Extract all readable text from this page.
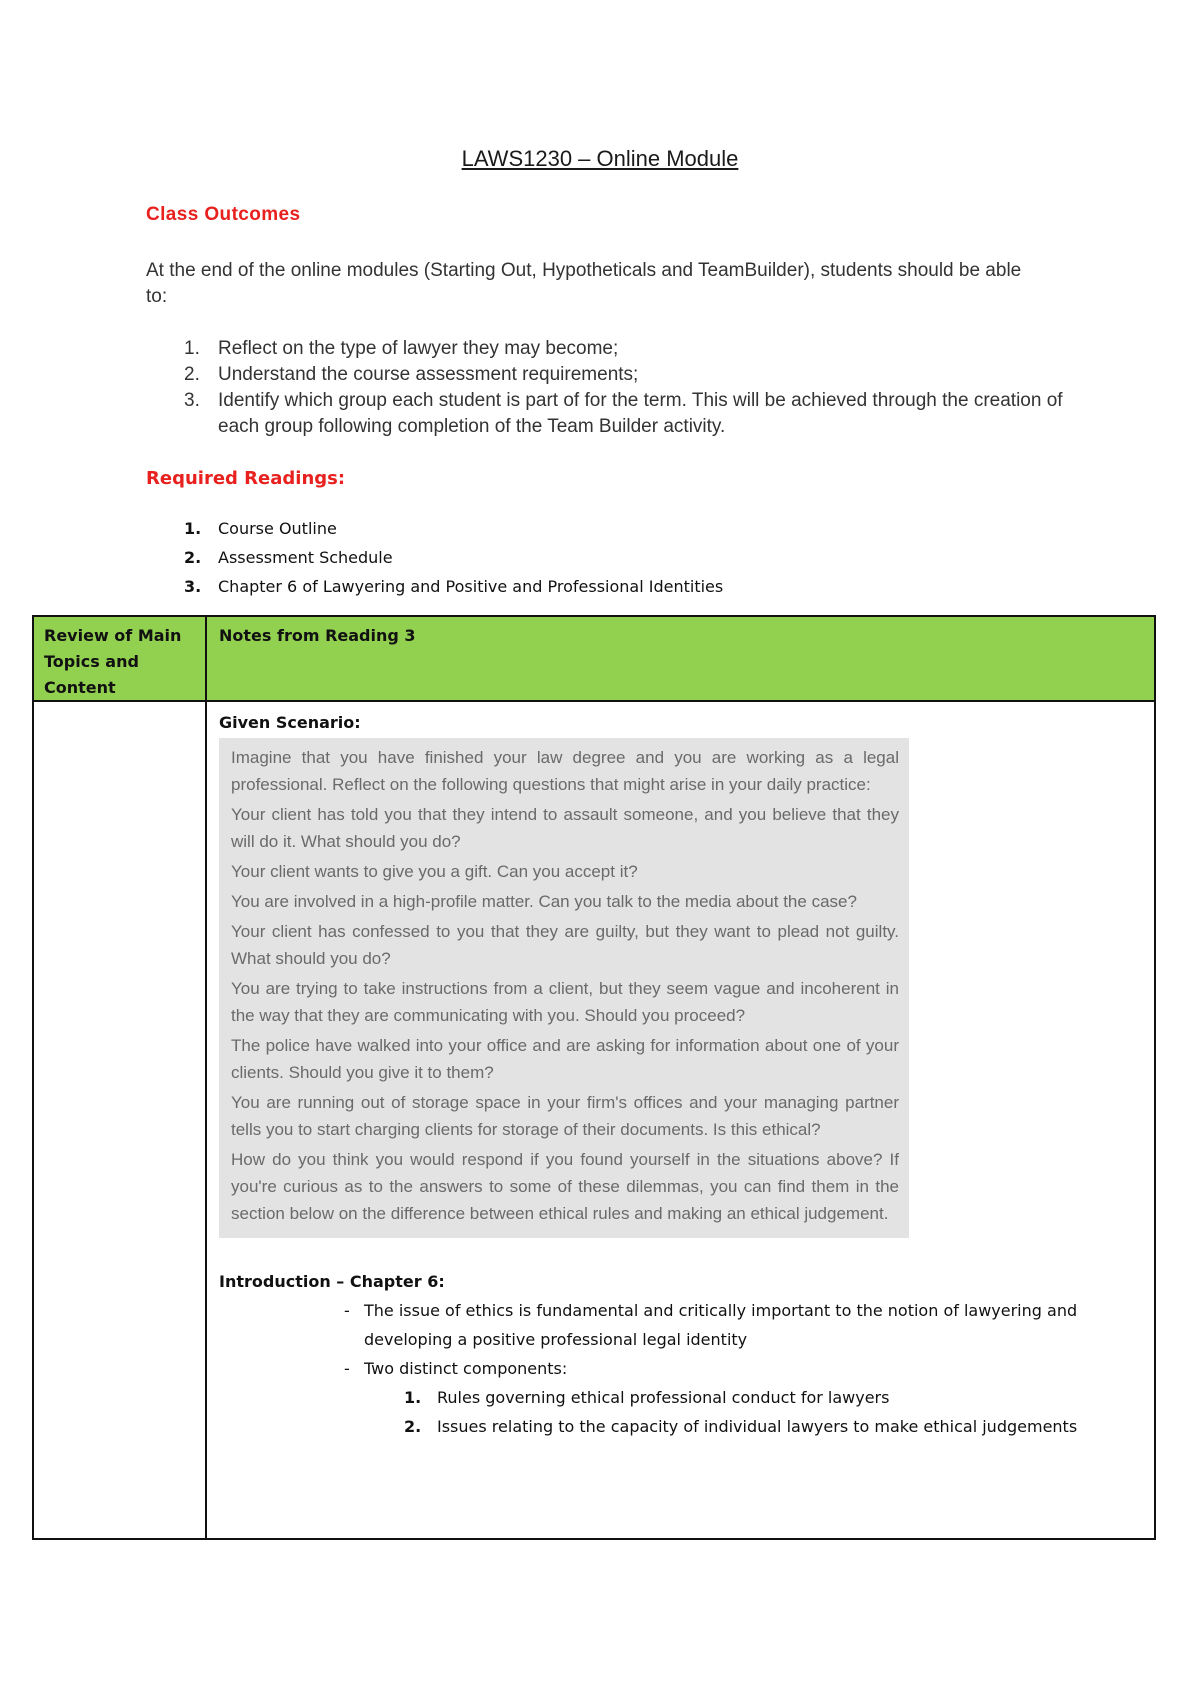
LAWS1230 – Online Module
Class Outcomes
At the end of the online modules (Starting Out, Hypotheticals and TeamBuilder), students should be able to:
1. Reflect on the type of lawyer they may become;
2. Understand the course assessment requirements;
3. Identify which group each student is part of for the term. This will be achieved through the creation of each group following completion of the Team Builder activity.
Required Readings:
1. Course Outline
2. Assessment Schedule
3. Chapter 6 of Lawyering and Positive and Professional Identities
Review of Main Topics and Content
Notes from Reading 3
Given Scenario:

Imagine that you have finished your law degree and you are working as a legal professional. Reflect on the following questions that might arise in your daily practice:

Your client has told you that they intend to assault someone, and you believe that they will do it. What should you do?

Your client wants to give you a gift. Can you accept it?

You are involved in a high-profile matter. Can you talk to the media about the case?

Your client has confessed to you that they are guilty, but they want to plead not guilty. What should you do?

You are trying to take instructions from a client, but they seem vague and incoherent in the way that they are communicating with you. Should you proceed?

The police have walked into your office and are asking for information about one of your clients. Should you give it to them?

You are running out of storage space in your firm's offices and your managing partner tells you to start charging clients for storage of their documents. Is this ethical?

How do you think you would respond if you found yourself in the situations above? If you're curious as to the answers to some of these dilemmas, you can find them in the section below on the difference between ethical rules and making an ethical judgement.

Introduction – Chapter 6:
- The issue of ethics is fundamental and critically important to the notion of lawyering and developing a positive professional legal identity
- Two distinct components:
1. Rules governing ethical professional conduct for lawyers
2. Issues relating to the capacity of individual lawyers to make ethical judgements
